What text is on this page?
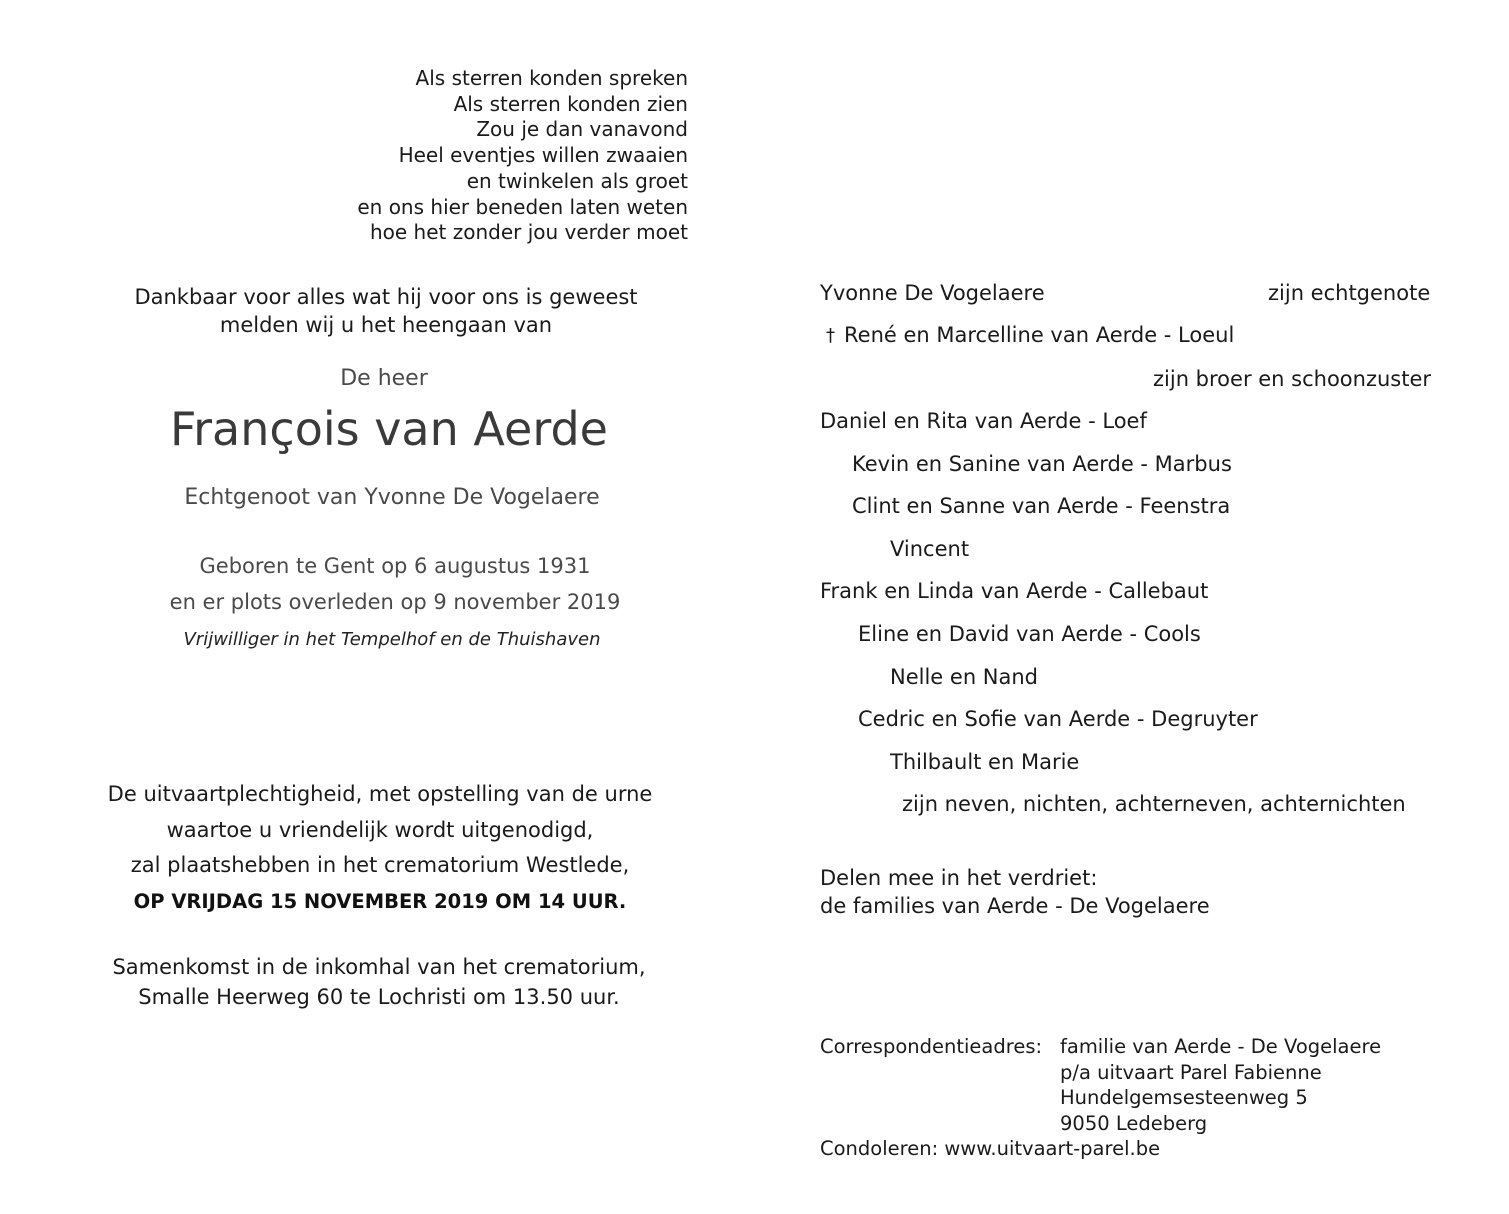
Als sterren konden spreken
Als sterren konden zien
Zou je dan vanavond
Heel eventjes willen zwaaien
en twinkelen als groet
en ons hier beneden laten weten
hoe het zonder jou verder moet
Dankbaar voor alles wat hij voor ons is geweest
melden wij u het heengaan van
De heer
François van Aerde
Echtgenoot van Yvonne De Vogelaere
Geboren te Gent op 6 augustus 1931
en er plots overleden op 9 november 2019
Vrijwilliger in het Tempelhof en de Thuishaven
De uitvaartplechtigheid, met opstelling van de urne
waartoe u vriendelijk wordt uitgenodigd,
zal plaatshebben in het crematorium Westlede,
OP VRIJDAG 15 NOVEMBER 2019 OM 14 UUR.
Samenkomst in de inkomhal van het crematorium,
Smalle Heerweg 60 te Lochristi om 13.50 uur.
Yvonne De Vogelaere	zijn echtgenote
† René en Marcelline van Aerde - Loeul
zijn broer en schoonzuster
Daniel en Rita van Aerde - Loef
Kevin en Sanine van Aerde - Marbus
Clint en Sanne van Aerde - Feenstra
Vincent
Frank en Linda van Aerde - Callebaut
Eline en David van Aerde - Cools
Nelle en Nand
Cedric en Sofie van Aerde - Degruyter
Thilbault en Marie
zijn neven, nichten, achterneven, achternichten
Delen mee in het verdriet:
de families van Aerde - De Vogelaere
Correspondentieadres: familie van Aerde - De Vogelaere
p/a uitvaart Parel Fabienne
Hundelgemsesteenweg 5
9050 Ledeberg
Condoleren: www.uitvaart-parel.be
